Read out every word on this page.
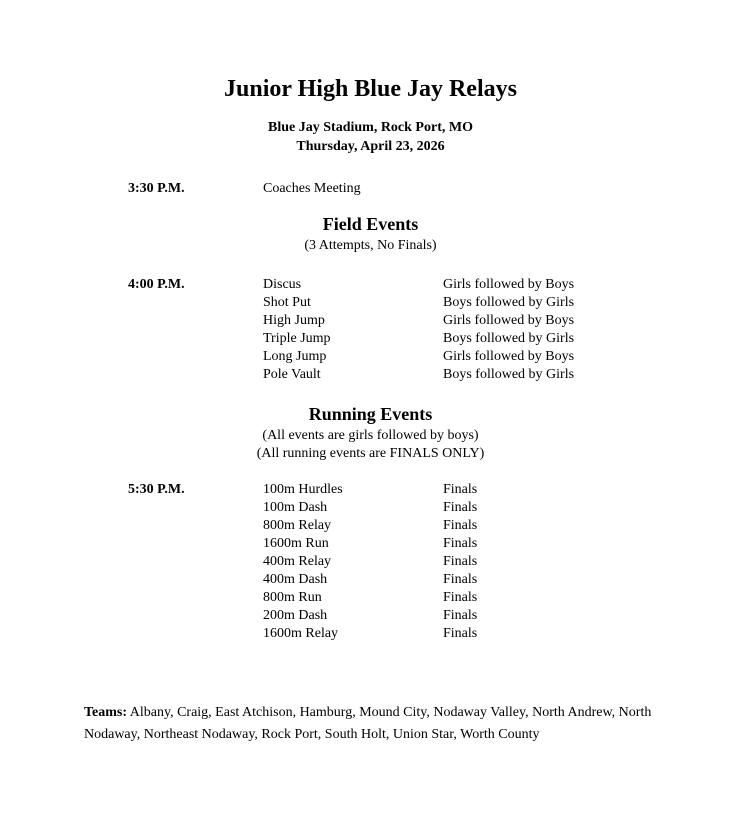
Junior High Blue Jay Relays
Blue Jay Stadium, Rock Port, MO
Thursday, April 23, 2026
3:30 P.M.	Coaches Meeting
Field Events
(3 Attempts, No Finals)
4:00 P.M.	Discus	Girls followed by Boys
Shot Put	Boys followed by Girls
High Jump	Girls followed by Boys
Triple Jump	Boys followed by Girls
Long Jump	Girls followed by Boys
Pole Vault	Boys followed by Girls
Running Events
(All events are girls followed by boys)
(All running events are FINALS ONLY)
5:30 P.M.	100m Hurdles	Finals
100m Dash	Finals
800m Relay	Finals
1600m Run	Finals
400m Relay	Finals
400m Dash	Finals
800m Run	Finals
200m Dash	Finals
1600m Relay	Finals
Teams: Albany, Craig, East Atchison, Hamburg, Mound City, Nodaway Valley, North Andrew, North Nodaway, Northeast Nodaway, Rock Port, South Holt, Union Star, Worth County
